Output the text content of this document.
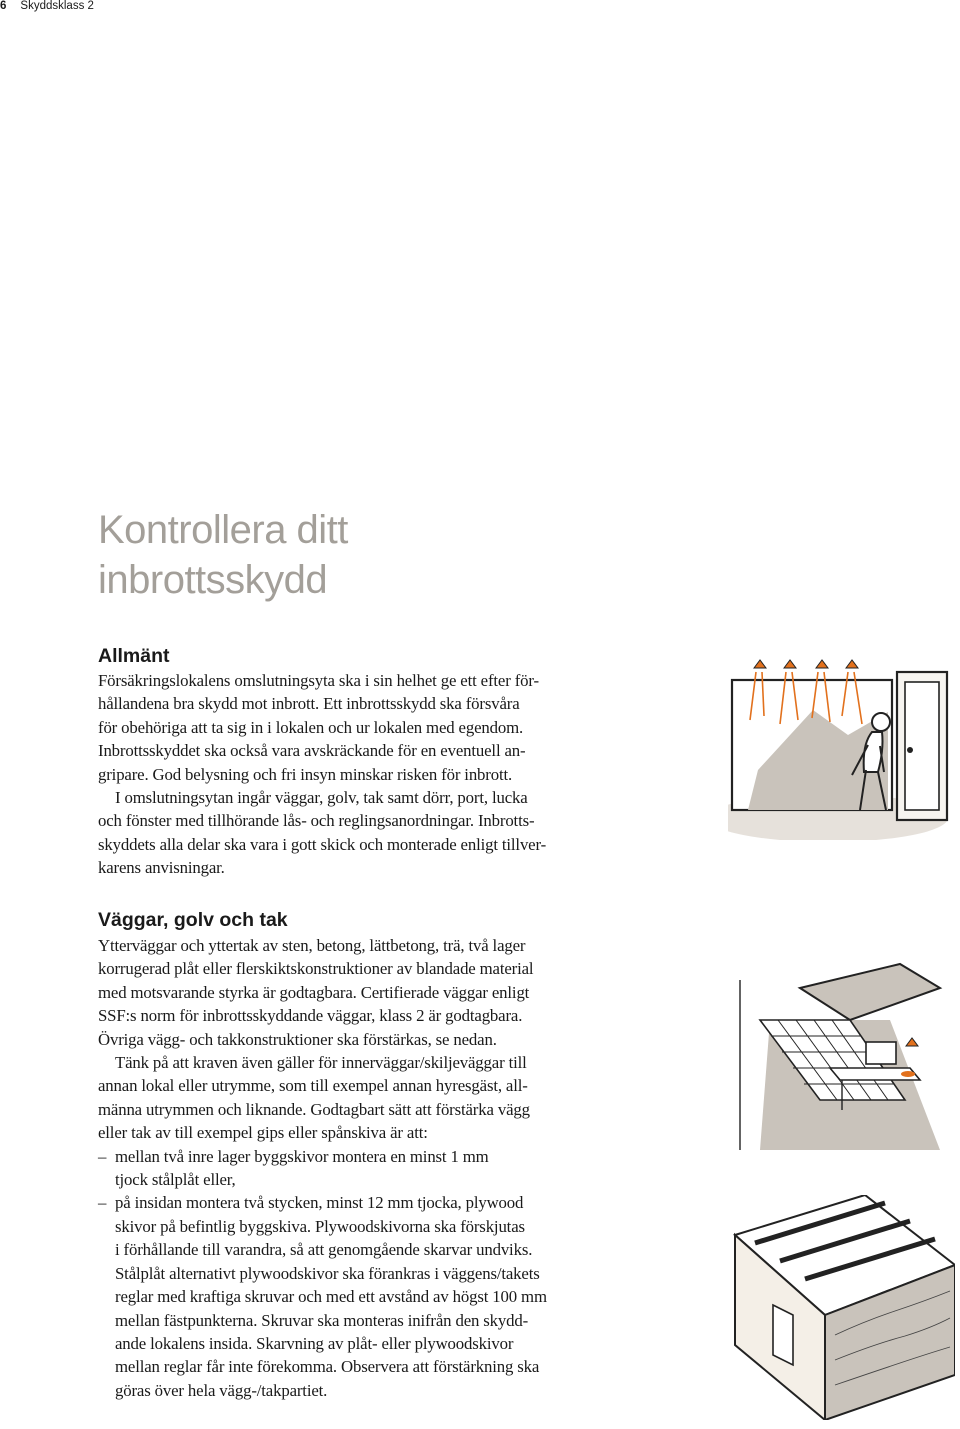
6 Skyddsklass 2
Kontrollera ditt
inbrottsskydd
Allmänt
Försäkringslokalens omslutningsyta ska i sin helhet ge ett efter för-
hållandena bra skydd mot inbrott. Ett inbrottsskydd ska försvåra
för obehöriga att ta sig in i lokalen och ur lokalen med egendom.
Inbrottsskyddet ska också vara avskräckande för en eventuell an-
gripare. God belysning och fri insyn minskar risken för inbrott.
I omslutningsytan ingår väggar, golv, tak samt dörr, port, lucka
och fönster med tillhörande lås- och reglingsanordningar. Inbrotts-
skyddets alla delar ska vara i gott skick och monterade enligt tillver-
karens anvisningar.
Väggar, golv och tak
Ytterväggar och yttertak av sten, betong, lättbetong, trä, två lager
korrugerad plåt eller flerskiktskonstruktioner av blandade material
med motsvarande styrka är godtagbara. Certifierade väggar enligt
SSF:s norm för inbrottsskyddande väggar, klass 2 är godtagbara.
Övriga vägg- och takkonstruktioner ska förstärkas, se nedan.
Tänk på att kraven även gäller för innerväggar/skiljeväggar till
annan lokal eller utrymme, som till exempel annan hyresgäst, all-
männa utrymmen och liknande. Godtagbart sätt att förstärka vägg
eller tak av till exempel gips eller spånskiva är att:
– mellan två inre lager byggskivor montera en minst 1 mm
tjock stålplåt eller,
– på insidan montera två stycken, minst 12 mm tjocka, plywood
skivor på befintlig byggskiva. Plywoodskivorna ska förskjutas
i förhållande till varandra, så att genomgående skarvar undviks.
Stålplåt alternativt plywoodskivor ska förankras i väggens/takets
reglar med kraftiga skruvar och med ett avstånd av högst 100 mm
mellan fästpunkterna. Skruvar ska monteras inifrån den skydd-
ande lokalens insida. Skarvning av plåt- eller plywoodskivor
mellan reglar får inte förekomma. Observera att förstärkning ska
göras över hela vägg-/takpartiet.
